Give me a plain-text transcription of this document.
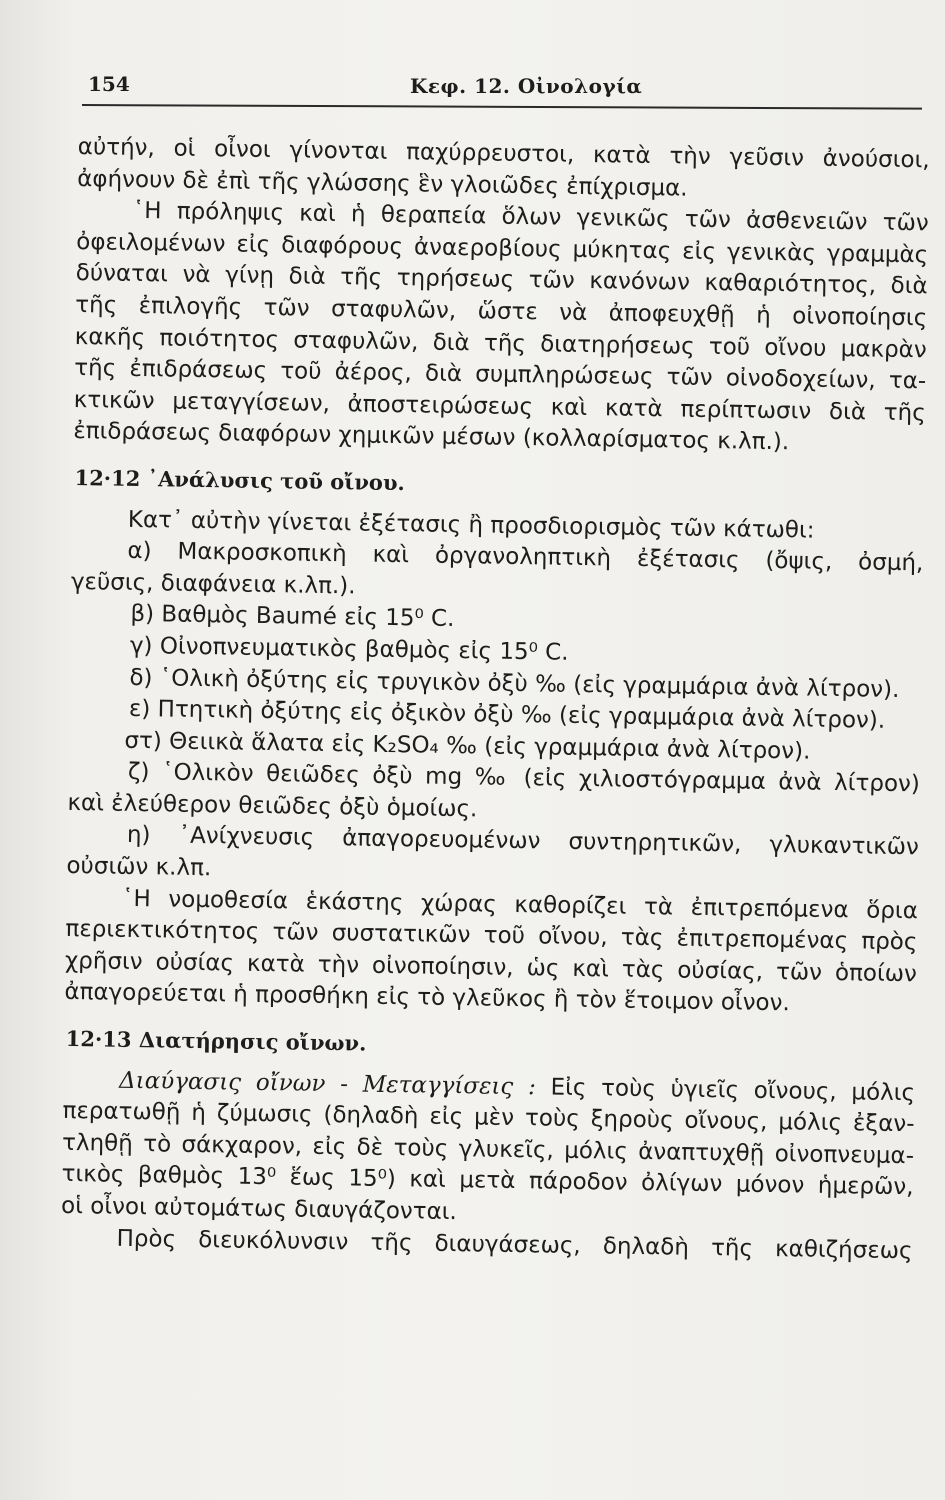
154	Κεφ. 12. Οἰνολογία
αὐτήν, οἱ οἶνοι γίνονται παχύρρευστοι, κατὰ τὴν γεῦσιν ἀνούσιοι,
ἀφήνουν δὲ ἐπὶ τῆς γλώσσης ἓν γλοιῶδες ἐπίχρισμα.
῾Η πρόληψις καὶ ἡ θεραπεία ὅλων γενικῶς τῶν ἀσθενειῶν τῶν
ὀφειλομένων εἰς διαφόρους ἀναεροβίους μύκητας εἰς γενικὰς γραμμὰς
δύναται νὰ γίνῃ διὰ τῆς τηρήσεως τῶν κανόνων καθαριότητος, διὰ
τῆς ἐπιλογῆς τῶν σταφυλῶν, ὥστε νὰ ἀποφευχθῇ ἡ οἰνοποίησις
κακῆς ποιότητος σταφυλῶν, διὰ τῆς διατηρήσεως τοῦ οἴνου μακρὰν
τῆς ἐπιδράσεως τοῦ ἀέρος, διὰ συμπληρώσεως τῶν οἰνοδοχείων, τα-
κτικῶν μεταγγίσεων, ἀποστειρώσεως καὶ κατὰ περίπτωσιν διὰ τῆς
ἐπιδράσεως διαφόρων χημικῶν μέσων (κολλαρίσματος κ.λπ.).
12·12 ᾿Ανάλυσις τοῦ οἴνου.
Κατ᾿ αὐτὴν γίνεται ἐξέτασις ἢ προσδιορισμὸς τῶν κάτωθι:
α) Μακροσκοπικὴ καὶ ὀργανοληπτικὴ ἐξέτασις (ὄψις, ὀσμή,
γεῦσις, διαφάνεια κ.λπ.).
β) Βαθμὸς Baumé εἰς 15⁰ C.
γ) Οἰνοπνευματικὸς βαθμὸς εἰς 15⁰ C.
δ) ῾Ολικὴ ὀξύτης εἰς τρυγικὸν ὀξὺ ‰ (εἰς γραμμάρια ἀνὰ λίτρον).
ε) Πτητικὴ ὀξύτης εἰς ὀξικὸν ὀξὺ ‰ (εἰς γραμμάρια ἀνὰ λίτρον).
στ) Θειικὰ ἅλατα εἰς K₂SO₄ ‰ (εἰς γραμμάρια ἀνὰ λίτρον).
ζ) ῾Ολικὸν θειῶδες ὀξὺ mg ‰ (εἰς χιλιοστόγραμμα ἀνὰ λίτρον)
καὶ ἐλεύθερον θειῶδες ὀξὺ ὁμοίως.
η) ᾿Ανίχνευσις ἀπαγορευομένων συντηρητικῶν, γλυκαντικῶν
οὐσιῶν κ.λπ.
῾Η νομοθεσία ἑκάστης χώρας καθορίζει τὰ ἐπιτρεπόμενα ὅρια
περιεκτικότητος τῶν συστατικῶν τοῦ οἴνου, τὰς ἐπιτρεπομένας πρὸς
χρῆσιν οὐσίας κατὰ τὴν οἰνοποίησιν, ὡς καὶ τὰς οὐσίας, τῶν ὁποίων
ἀπαγορεύεται ἡ προσθήκη εἰς τὸ γλεῦκος ἢ τὸν ἕτοιμον οἶνον.
12·13 Διατήρησις οἴνων.
Διαύγασις οἴνων - Μεταγγίσεις : Εἰς τοὺς ὑγιεῖς οἴνους, μόλις
περατωθῇ ἡ ζύμωσις (δηλαδὴ εἰς μὲν τοὺς ξηροὺς οἴνους, μόλις ἐξαν-
τληθῇ τὸ σάκχαρον, εἰς δὲ τοὺς γλυκεῖς, μόλις ἀναπτυχθῇ οἰνοπνευμα-
τικὸς βαθμὸς 13⁰ ἕως 15⁰) καὶ μετὰ πάροδον ὀλίγων μόνον ἡμερῶν,
οἱ οἶνοι αὐτομάτως διαυγάζονται.
Πρὸς διευκόλυνσιν τῆς διαυγάσεως, δηλαδὴ τῆς καθιζήσεως
